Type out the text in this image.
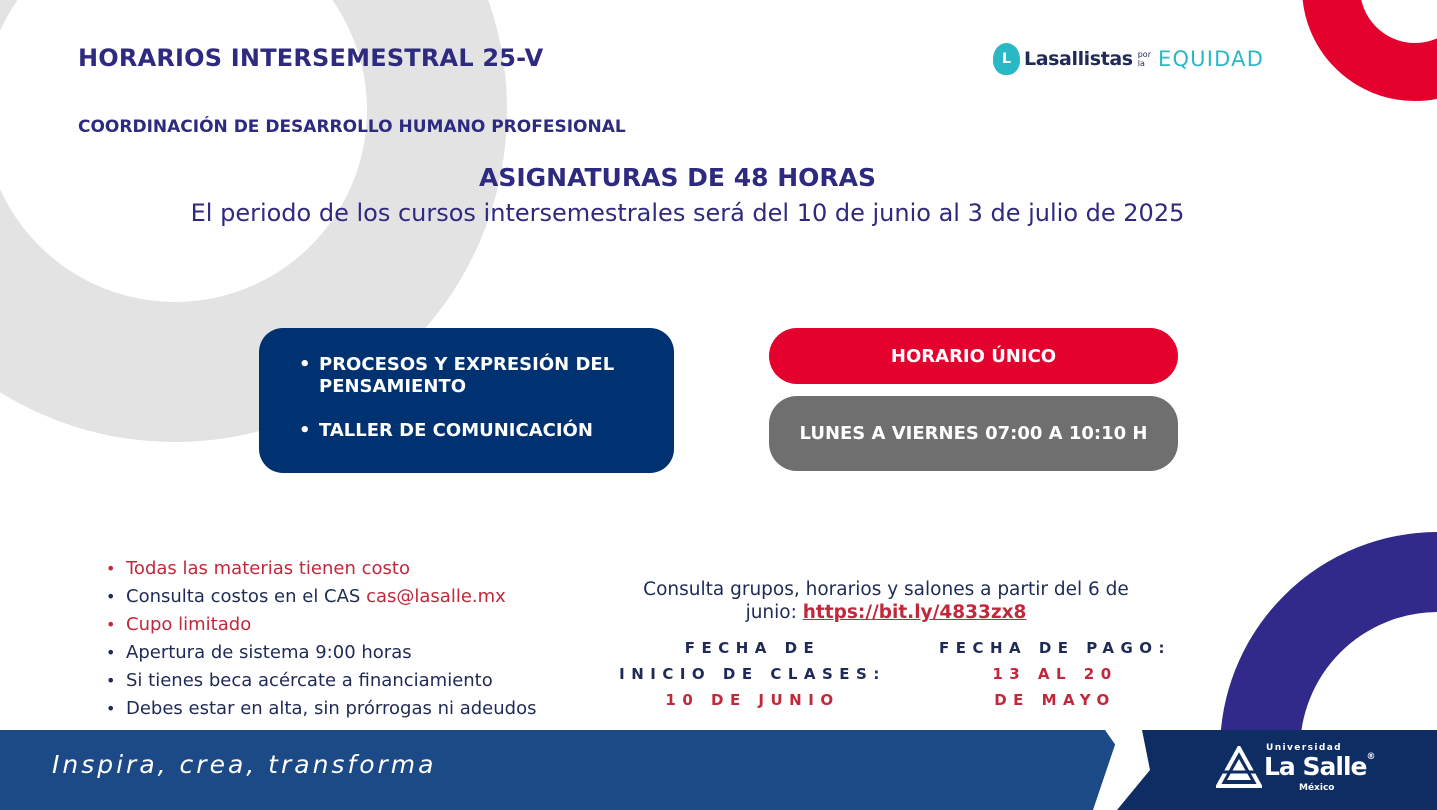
HORARIOS INTERSEMESTRAL 25-V
COORDINACIÓN DE DESARROLLO HUMANO PROFESIONAL
ASIGNATURAS DE 48 HORAS
El periodo de los cursos intersemestrales será del 10 de junio al 3 de julio de 2025
L Lasallistas por
la EQUIDAD
• PROCESOS Y EXPRESIÓN DEL PENSAMIENTO
• TALLER DE COMUNICACIÓN
HORARIO ÚNICO
LUNES A VIERNES 07:00 A 10:10 H
• Todas las materias tienen costo
• Consulta costos en el CAS cas@lasalle.mx
• Cupo limitado
• Apertura de sistema 9:00 horas
• Si tienes beca acércate a financiamiento
• Debes estar en alta, sin prórrogas ni adeudos
Consulta grupos, horarios y salones a partir del 6 de junio: https://bit.ly/4833zx8
FECHA DE
INICIO DE CLASES:
10 DE JUNIO
FECHA DE PAGO:
13 AL 20
DE MAYO
Inspira, crea, transforma
Universidad
La Salle®
México
